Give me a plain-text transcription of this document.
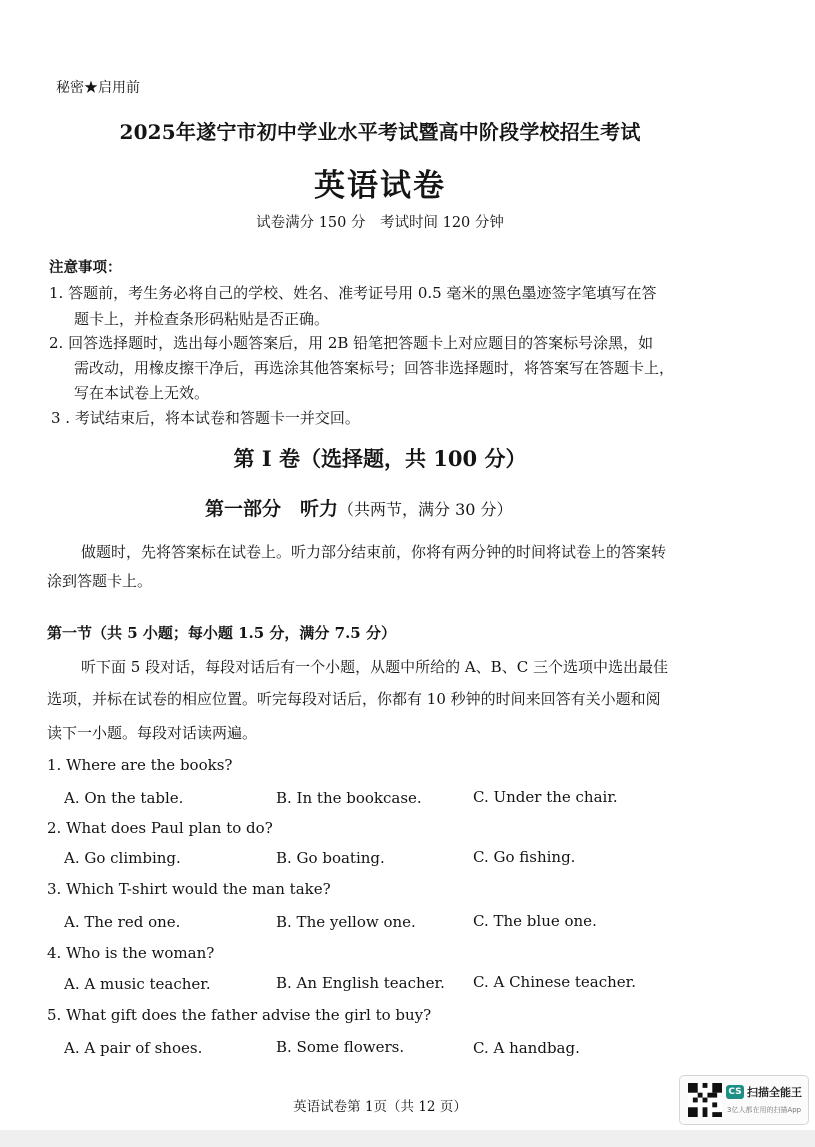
秘密★启用前
2025年遂宁市初中学业水平考试暨高中阶段学校招生考试
英语试卷
试卷满分 150 分　考试时间 120 分钟
注意事项：
1. 答题前，考生务必将自己的学校、姓名、准考证号用 0.5 毫米的黑色墨迹签字笔填写在答
题卡上，并检查条形码粘贴是否正确。
2. 回答选择题时，选出每小题答案后，用 2B 铅笔把答题卡上对应题目的答案标号涂黑，如
需改动，用橡皮擦干净后，再选涂其他答案标号；回答非选择题时，将答案写在答题卡上，
写在本试卷上无效。
3 . 考试结束后，将本试卷和答题卡一并交回。
第 I 卷（选择题，共 100 分）
第一部分　听力（共两节，满分 30 分）
做题时，先将答案标在试卷上。听力部分结束前，你将有两分钟的时间将试卷上的答案转
涂到答题卡上。
第一节（共 5 小题；每小题 1.5 分，满分 7.5 分）
听下面 5 段对话，每段对话后有一个小题，从题中所给的 A、B、C 三个选项中选出最佳
选项，并标在试卷的相应位置。听完每段对话后，你都有 10 秒钟的时间来回答有关小题和阅
读下一小题。每段对话读两遍。
1. Where are the books?
A. On the table.	B. In the bookcase.	C. Under the chair.
2. What does Paul plan to do?
A. Go climbing.	B. Go boating.	C. Go fishing.
3. Which T-shirt would the man take?
A. The red one.	B. The yellow one.	C. The blue one.
4. Who is the woman?
A. A music teacher.	B. An English teacher. C. A Chinese teacher.
5. What gift does the father advise the girl to buy?
A. A pair of shoes.	B. Some flowers.	C. A handbag.
英语试卷第 1页（共 12 页）
CS 扫描全能王
3亿人都在用的扫描App
